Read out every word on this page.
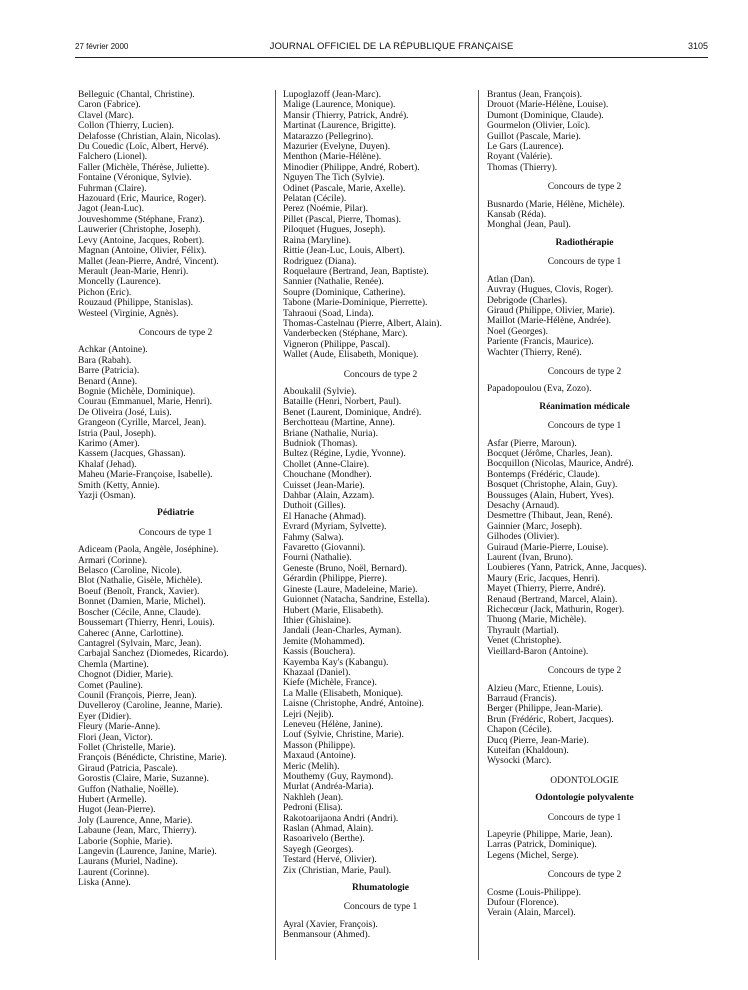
27 février 2000	JOURNAL OFFICIEL DE LA RÉPUBLIQUE FRANÇAISE	3105
Belleguic (Chantal, Christine).
Caron (Fabrice).
Clavel (Marc).
Collon (Thierry, Lucien).
Delafosse (Christian, Alain, Nicolas).
Du Couedic (Loïc, Albert, Hervé).
Falchero (Lionel).
Faller (Michèle, Thérèse, Juliette).
Fontaine (Véronique, Sylvie).
Fuhrman (Claire).
Hazouard (Eric, Maurice, Roger).
Jagot (Jean-Luc).
Jouveshomme (Stéphane, Franz).
Lauwerier (Christophe, Joseph).
Levy (Antoine, Jacques, Robert).
Magnan (Antoine, Olivier, Félix).
Mallet (Jean-Pierre, André, Vincent).
Merault (Jean-Marie, Henri).
Moncelly (Laurence).
Pichon (Eric).
Rouzaud (Philippe, Stanislas).
Westeel (Virginie, Agnès).
Concours de type 2
Achkar (Antoine).
Bara (Rabah).
Barre (Patricia).
Benard (Anne).
Bognie (Michèle, Dominique).
Courau (Emmanuel, Marie, Henri).
De Oliveira (José, Luis).
Grangeon (Cyrille, Marcel, Jean).
Istria (Paul, Joseph).
Karimo (Amer).
Kassem (Jacques, Ghassan).
Khalaf (Jehad).
Maheu (Marie-Françoise, Isabelle).
Smith (Ketty, Annie).
Yazji (Osman).
Pédiatrie
Concours de type 1
Adiceam (Paola, Angèle, Joséphine).
Armari (Corinne).
Belasco (Caroline, Nicole).
Blot (Nathalie, Gisèle, Michèle).
Boeuf (Benoît, Franck, Xavier).
Bonnet (Damien, Marie, Michel).
Boscher (Cécile, Anne, Claude).
Boussemart (Thierry, Henri, Louis).
Caherec (Anne, Carlottine).
Cantagrel (Sylvain, Marc, Jean).
Carbajal Sanchez (Diomedes, Ricardo).
Chemla (Martine).
Chognot (Didier, Marie).
Comet (Pauline).
Counil (François, Pierre, Jean).
Duvelleroy (Caroline, Jeanne, Marie).
Eyer (Didier).
Fleury (Marie-Anne).
Flori (Jean, Victor).
Follet (Christelle, Marie).
François (Bénédicte, Christine, Marie).
Giraud (Patricia, Pascale).
Gorostis (Claire, Marie, Suzanne).
Guffon (Nathalie, Noëlle).
Hubert (Armelle).
Hugot (Jean-Pierre).
Joly (Laurence, Anne, Marie).
Labaune (Jean, Marc, Thierry).
Laborie (Sophie, Marie).
Langevin (Laurence, Janine, Marie).
Laurans (Muriel, Nadine).
Laurent (Corinne).
Liska (Anne).
Lupoglazoff (Jean-Marc).
Malige (Laurence, Monique).
Mansir (Thierry, Patrick, André).
Martinat (Laurence, Brigitte).
Matarazzo (Pellegrino).
Mazurier (Evelyne, Duyen).
Menthon (Marie-Hélène).
Minodier (Philippe, André, Robert).
Nguyen The Tich (Sylvie).
Odinet (Pascale, Marie, Axelle).
Pelatan (Cécile).
Perez (Noémie, Pilar).
Pillet (Pascal, Pierre, Thomas).
Piloquet (Hugues, Joseph).
Raina (Maryline).
Rittie (Jean-Luc, Louis, Albert).
Rodriguez (Diana).
Roquelaure (Bertrand, Jean, Baptiste).
Sannier (Nathalie, Renée).
Soupre (Dominique, Catherine).
Tabone (Marie-Dominique, Pierrette).
Tahraoui (Soad, Linda).
Thomas-Castelnau (Pierre, Albert, Alain).
Vanderbecken (Stéphane, Marc).
Vigneron (Philippe, Pascal).
Wallet (Aude, Elisabeth, Monique).
Concours de type 2
Aboukalil (Sylvie).
Bataille (Henri, Norbert, Paul).
Benet (Laurent, Dominique, André).
Berchotteau (Martine, Anne).
Briane (Nathalie, Nuria).
Budniok (Thomas).
Bultez (Régine, Lydie, Yvonne).
Chollet (Anne-Claire).
Chouchane (Mondher).
Cuisset (Jean-Marie).
Dahbar (Alain, Azzam).
Duthoit (Gilles).
El Hanache (Ahmad).
Evrard (Myriam, Sylvette).
Fahmy (Salwa).
Favaretto (Giovanni).
Fourni (Nathalie).
Geneste (Bruno, Noël, Bernard).
Gérardin (Philippe, Pierre).
Gineste (Laure, Madeleine, Marie).
Guionnet (Natacha, Sandrine, Estella).
Hubert (Marie, Elisabeth).
Ithier (Ghislaine).
Jandali (Jean-Charles, Ayman).
Jemite (Mohammed).
Kassis (Bouchera).
Kayemba Kay's (Kabangu).
Khazaal (Daniel).
Kiefe (Michèle, France).
La Malle (Elisabeth, Monique).
Laisne (Christophe, André, Antoine).
Lejri (Nejib).
Leneveu (Hélène, Janine).
Louf (Sylvie, Christine, Marie).
Masson (Philippe).
Maxaud (Antoine).
Meric (Melih).
Mouthemy (Guy, Raymond).
Murlat (Andréa-Maria).
Nakhleh (Jean).
Pedroni (Elisa).
Rakotoarijaona Andri (Andri).
Raslan (Ahmad, Alain).
Rasoarivelo (Berthe).
Sayegh (Georges).
Testard (Hervé, Olivier).
Zix (Christian, Marie, Paul).
Rhumatologie
Concours de type 1
Ayral (Xavier, François).
Benmansour (Ahmed).
Brantus (Jean, François).
Drouot (Marie-Hélène, Louise).
Dumont (Dominique, Claude).
Gourmelon (Olivier, Loïc).
Guillot (Pascale, Marie).
Le Gars (Laurence).
Royant (Valérie).
Thomas (Thierry).
Concours de type 2
Busnardo (Marie, Hélène, Michèle).
Kansab (Réda).
Monghal (Jean, Paul).
Radiothérapie
Concours de type 1
Atlan (Dan).
Auvray (Hugues, Clovis, Roger).
Debrigode (Charles).
Giraud (Philippe, Olivier, Marie).
Maillot (Marie-Hélène, Andrée).
Noel (Georges).
Pariente (Francis, Maurice).
Wachter (Thierry, René).
Concours de type 2
Papadopoulou (Eva, Zozo).
Réanimation médicale
Concours de type 1
Asfar (Pierre, Maroun).
Bocquet (Jérôme, Charles, Jean).
Bocquillon (Nicolas, Maurice, André).
Bontemps (Frédéric, Claude).
Bosquet (Christophe, Alain, Guy).
Boussuges (Alain, Hubert, Yves).
Desachy (Arnaud).
Desmettre (Thibaut, Jean, René).
Gainnier (Marc, Joseph).
Gilhodes (Olivier).
Guiraud (Marie-Pierre, Louise).
Laurent (Ivan, Bruno).
Loubieres (Yann, Patrick, Anne, Jacques).
Maury (Eric, Jacques, Henri).
Mayet (Thierry, Pierre, André).
Renaud (Bertrand, Marcel, Alain).
Richecœur (Jack, Mathurin, Roger).
Thuong (Marie, Michèle).
Thyrault (Martial).
Venet (Christophe).
Vieillard-Baron (Antoine).
Concours de type 2
Alzieu (Marc, Etienne, Louis).
Barraud (Francis).
Berger (Philippe, Jean-Marie).
Brun (Frédéric, Robert, Jacques).
Chapon (Cécile).
Ducq (Pierre, Jean-Marie).
Kuteifan (Khaldoun).
Wysocki (Marc).
ODONTOLOGIE
Odontologie polyvalente
Concours de type 1
Lapeyrie (Philippe, Marie, Jean).
Larras (Patrick, Dominique).
Legens (Michel, Serge).
Concours de type 2
Cosme (Louis-Philippe).
Dufour (Florence).
Verain (Alain, Marcel).
